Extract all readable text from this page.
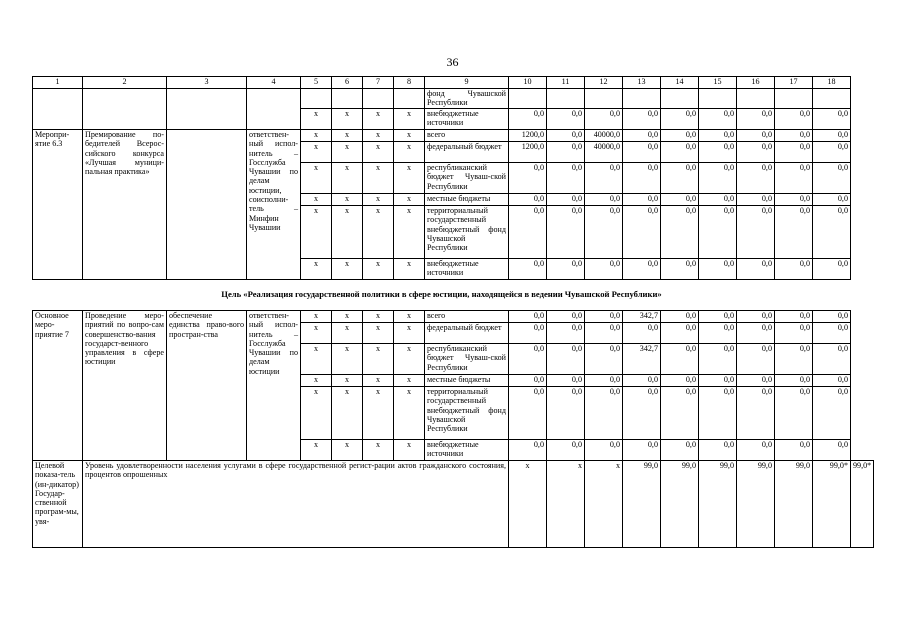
36
1	2	3	4	5	6	7	8	9	10	11	12	13	14	15	16	17	18	
								фонд Чувашской Республики										
				x	x	x	x	внебюджетные источники	0,0	0,0	0,0	0,0	0,0	0,0	0,0	0,0	0,0	
Меропри-ятие 6.3	Премирование по-бедителей Всерос-сийского конкурса «Лучшая муници-пальная практика»		ответствен-ный испол-нитель – Госслужба Чувашии по делам юстиции, соисполни-тель – Минфин Чувашии	x	x	x	x	всего	1200,0	0,0	40000,0	0,0	0,0	0,0	0,0	0,0	0,0	
				x	x	x	x	федеральный бюджет	1200,0	0,0	40000,0	0,0	0,0	0,0	0,0	0,0	0,0	
				x	x	x	x	республиканский бюджет Чуваш-ской Республики	0,0	0,0	0,0	0,0	0,0	0,0	0,0	0,0	0,0	
				x	x	x	x	местные бюджеты	0,0	0,0	0,0	0,0	0,0	0,0	0,0	0,0	0,0	
				x	x	x	x	территориальный государственный внебюджетный фонд Чувашской Республики	0,0	0,0	0,0	0,0	0,0	0,0	0,0	0,0	0,0	
				x	x	x	x	внебюджетные источники	0,0	0,0	0,0	0,0	0,0	0,0	0,0	0,0	0,0	
Цель «Реализация государственной политики в сфере юстиции, находящейся в ведении Чувашской Республики»																		
Основное меро-приятие 7	Проведение меро-приятий по вопро-сам совершенство-вания государст-венного управления в сфере юстиции	обеспечение единства право-вого простран-ства	ответствен-ный испол-нитель – Госслужба Чувашии по делам юстиции	x	x	x	x	всего	0,0	0,0	0,0	342,7	0,0	0,0	0,0	0,0	0,0	
				x	x	x	x	федеральный бюджет	0,0	0,0	0,0	0,0	0,0	0,0	0,0	0,0	0,0	
				x	x	x	x	республиканский бюджет Чуваш-ской Республики	0,0	0,0	0,0	342,7	0,0	0,0	0,0	0,0	0,0	
				x	x	x	x	местные бюджеты	0,0	0,0	0,0	0,0	0,0	0,0	0,0	0,0	0,0	
				x	x	x	x	территориальный государственный внебюджетный фонд Чувашской Республики	0,0	0,0	0,0	0,0	0,0	0,0	0,0	0,0	0,0	
				x	x	x	x	внебюджетные источники	0,0	0,0	0,0	0,0	0,0	0,0	0,0	0,0	0,0	
Целевой показа-тель (ин-дикатор) Государ-ственной програм-мы, увя-	Уровень удовлетворенности населения услугами в сфере государственной регист-рации актов гражданского состояния, процентов опрошенных								x	x	x	99,0	99,0	99,0	99,0	99,0	99,0*	99,0*
